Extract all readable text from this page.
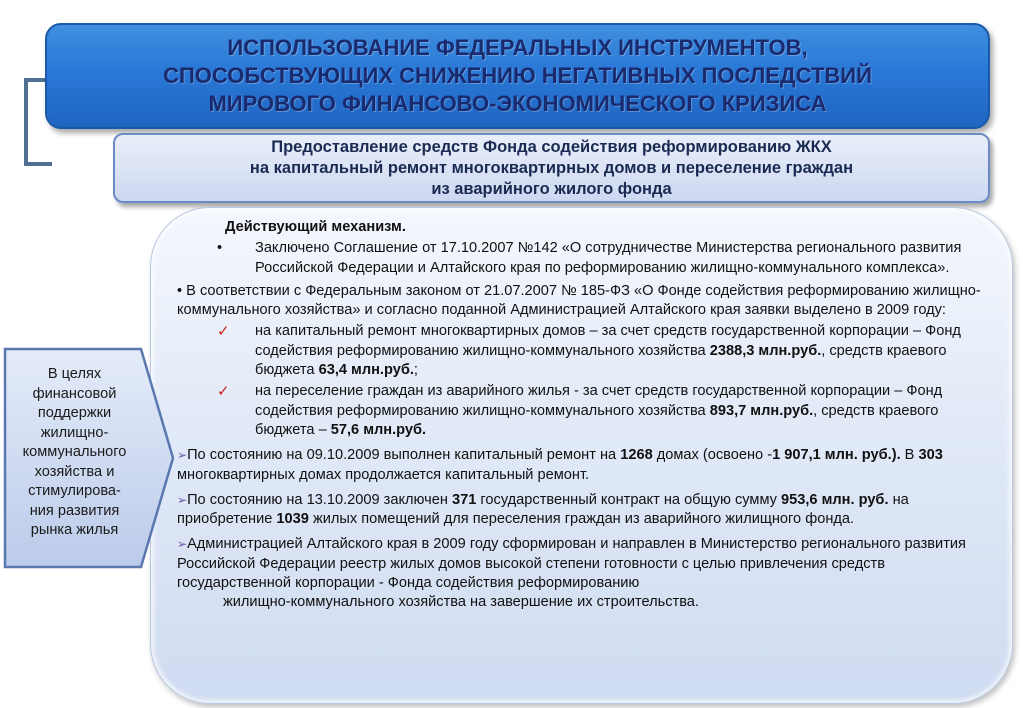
ИСПОЛЬЗОВАНИЕ ФЕДЕРАЛЬНЫХ ИНСТРУМЕНТОВ,
СПОСОБСТВУЮЩИХ СНИЖЕНИЮ НЕГАТИВНЫХ ПОСЛЕДСТВИЙ
МИРОВОГО ФИНАНСОВО-ЭКОНОМИЧЕСКОГО КРИЗИСА

Предоставление средств Фонда содействия реформированию ЖКХ
на капитальный ремонт многоквартирных домов и переселение граждан
из аварийного жилого фонда

В целях
финансовой
поддержки
жилищно-
коммунального
хозяйства и
стимулирова-
ния развития
рынка жилья

Действующий механизм.

•	Заключено Соглашение от 17.10.2007 №142 «О сотрудничестве Министерства регионального развития Российской Федерации и Алтайского края по реформированию жилищно-коммунального комплекса».

• В соответствии с Федеральным законом от 21.07.2007 № 185-ФЗ «О Фонде содействия реформированию жилищно-коммунального хозяйства» и согласно поданной Администрацией Алтайского края заявки выделено в 2009 году:

✓	на капитальный ремонт многоквартирных домов – за счет средств государственной корпорации – Фонд содействия реформированию жилищно-коммунального хозяйства 2388,3 млн.руб., средств краевого бюджета 63,4 млн.руб.;

✓	на переселение граждан из аварийного жилья - за счет средств государственной корпорации – Фонд содействия реформированию жилищно-коммунального хозяйства 893,7 млн.руб., средств краевого бюджета – 57,6 млн.руб.

➢По состоянию на 09.10.2009 выполнен капитальный ремонт на 1268 домах (освоено -1 907,1 млн. руб.). В 303 многоквартирных домах продолжается капитальный ремонт.

➢По состоянию на 13.10.2009 заключен 371 государственный контракт на общую сумму 953,6 млн. руб. на приобретение 1039 жилых помещений для переселения граждан из аварийного жилищного фонда.

➢Администрацией Алтайского края в 2009 году сформирован и направлен в Министерство регионального развития Российской Федерации реестр жилых домов высокой степени готовности с целью привлечения средств государственной корпорации - Фонда содействия реформированию

жилищно-коммунального хозяйства на завершение их строительства.
